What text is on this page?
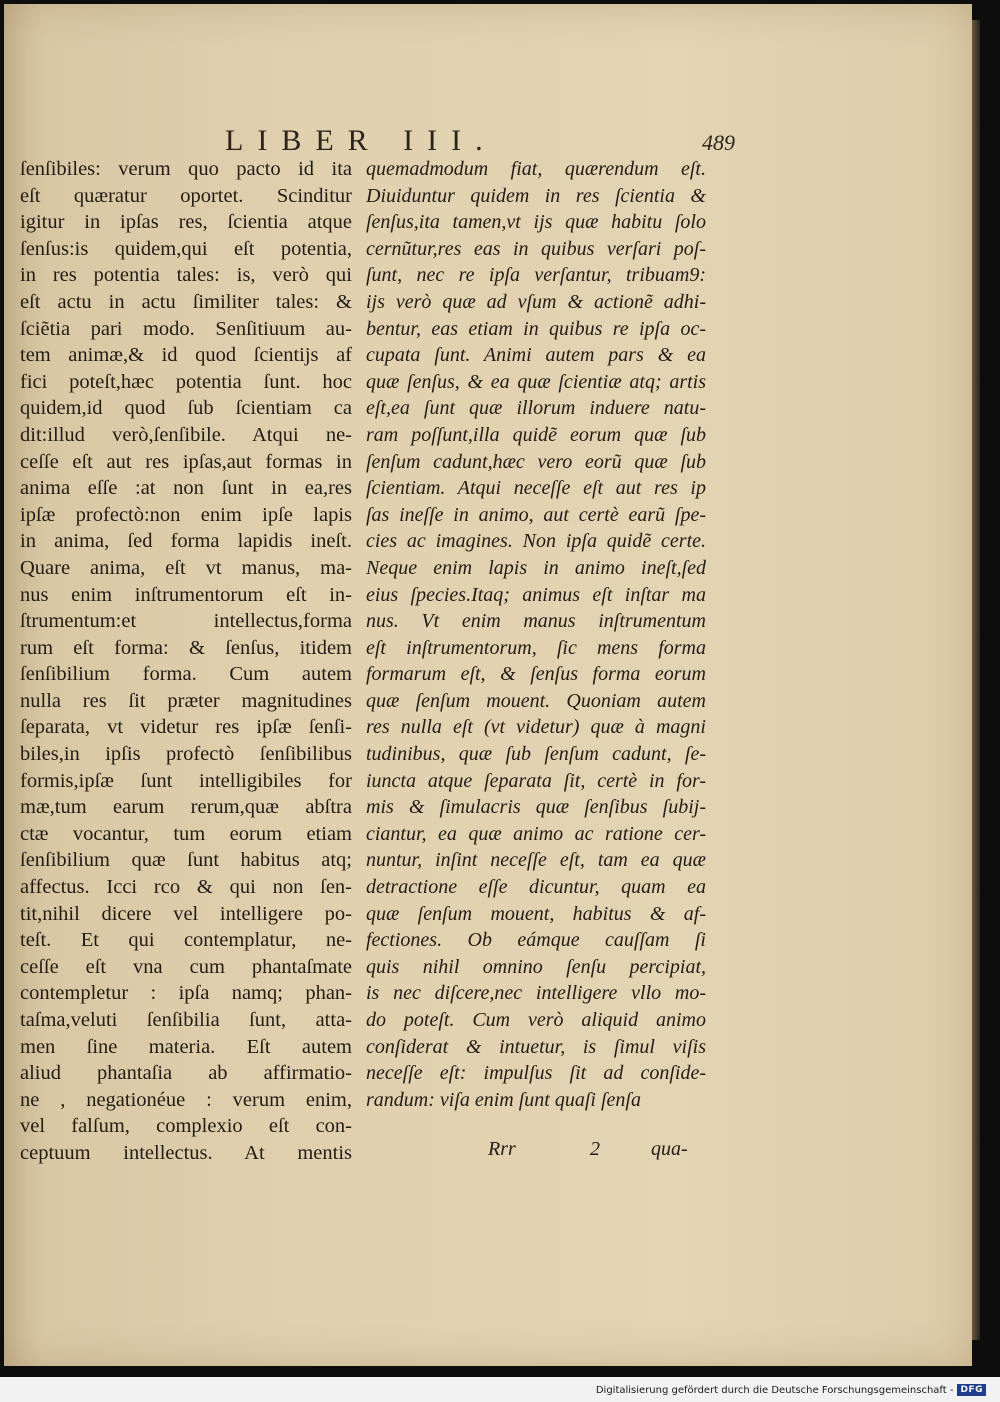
LIBER III.	489
ſenſibiles: verum quo pacto id ita
eſt quæratur oportet. Scinditur
igitur in ipſas res, ſcientia atque
ſenſus:is quidem,qui eſt potentia,
in res potentia tales: is, verò qui
eſt actu in actu ſimiliter tales: &
ſciẽtia pari modo. Senſitiuum au-
tem animæ,& id quod ſcientijs af
fici poteſt,hæc potentia ſunt. hoc
quidem,id quod ſub ſcientiam ca
dit:illud verò,ſenſibile. Atqui ne-
ceſſe eſt aut res ipſas,aut formas in
anima eſſe :at non ſunt in ea,res
ipſæ profectò:non enim ipſe lapis
in anima, ſed forma lapidis ineſt.
Quare anima, eſt vt manus, ma-
nus enim inſtrumentorum eſt in-
ſtrumentum:et intellectus,forma
rum eſt forma: & ſenſus, itidem
ſenſibilium forma. Cum autem
nulla res ſit præter magnitudines
ſeparata, vt videtur res ipſæ ſenſi-
biles,in ipſis profectò ſenſibilibus
formis,ipſæ ſunt intelligibiles for
mæ,tum earum rerum,quæ abſtra
ctæ vocantur, tum eorum etiam
ſenſibilium quæ ſunt habitus atq;
affectus. Icci rco & qui non ſen-
tit,nihil dicere vel intelligere po-
teſt. Et qui contemplatur, ne-
ceſſe eſt vna cum phantaſmate
contempletur : ipſa namq; phan-
taſma,veluti ſenſibilia ſunt, atta-
men ſine materia. Eſt autem
aliud phantaſia ab affirmatio-
ne , negationéue : verum enim,
vel falſum, complexio eſt con-
ceptuum intellectus. At mentis
quemadmodum fiat, quærendum eſt.
Diuiduntur quidem in res ſcientia &
ſenſus,ita tamen,vt ijs quæ habitu ſolo
cernũtur,res eas in quibus verſari poſ-
ſunt, nec re ipſa verſantur, tribuam9:
ijs verò quæ ad vſum & actionẽ adhi-
bentur, eas etiam in quibus re ipſa oc-
cupata ſunt. Animi autem pars & ea
quæ ſenſus, & ea quæ ſcientiæ atq; artis
eſt,ea ſunt quæ illorum induere natu-
ram poſſunt,illa quidẽ eorum quæ ſub
ſenſum cadunt,hæc vero eorũ quæ ſub
ſcientiam. Atqui neceſſe eſt aut res ip
ſas ineſſe in animo, aut certè earũ ſpe-
cies ac imagines. Non ipſa quidẽ certe.
Neque enim lapis in animo ineſt,ſed
eius ſpecies.Itaq; animus eſt inſtar ma
nus. Vt enim manus inſtrumentum
eſt inſtrumentorum, ſic mens forma
formarum eſt, & ſenſus forma eorum
quæ ſenſum mouent. Quoniam autem
res nulla eſt (vt videtur) quæ à magni
tudinibus, quæ ſub ſenſum cadunt, ſe-
iuncta atque ſeparata ſit, certè in for-
mis & ſimulacris quæ ſenſibus ſubij-
ciantur, ea quæ animo ac ratione cer-
nuntur, inſint neceſſe eſt, tam ea quæ
detractione eſſe dicuntur, quam ea
quæ ſenſum mouent, habitus & af-
fectiones. Ob eámque cauſſam ſi
quis nihil omnino ſenſu percipiat,
is nec diſcere,nec intelligere vllo mo-
do poteſt. Cum verò aliquid animo
conſiderat & intuetur, is ſimul viſis
neceſſe eſt: impulſus ſit ad conſide-
randum: viſa enim ſunt quaſi ſenſa
Rrr	2	qua-
Digitalisierung gefördert durch die Deutsche Forschungsgemeinschaft - DFG
